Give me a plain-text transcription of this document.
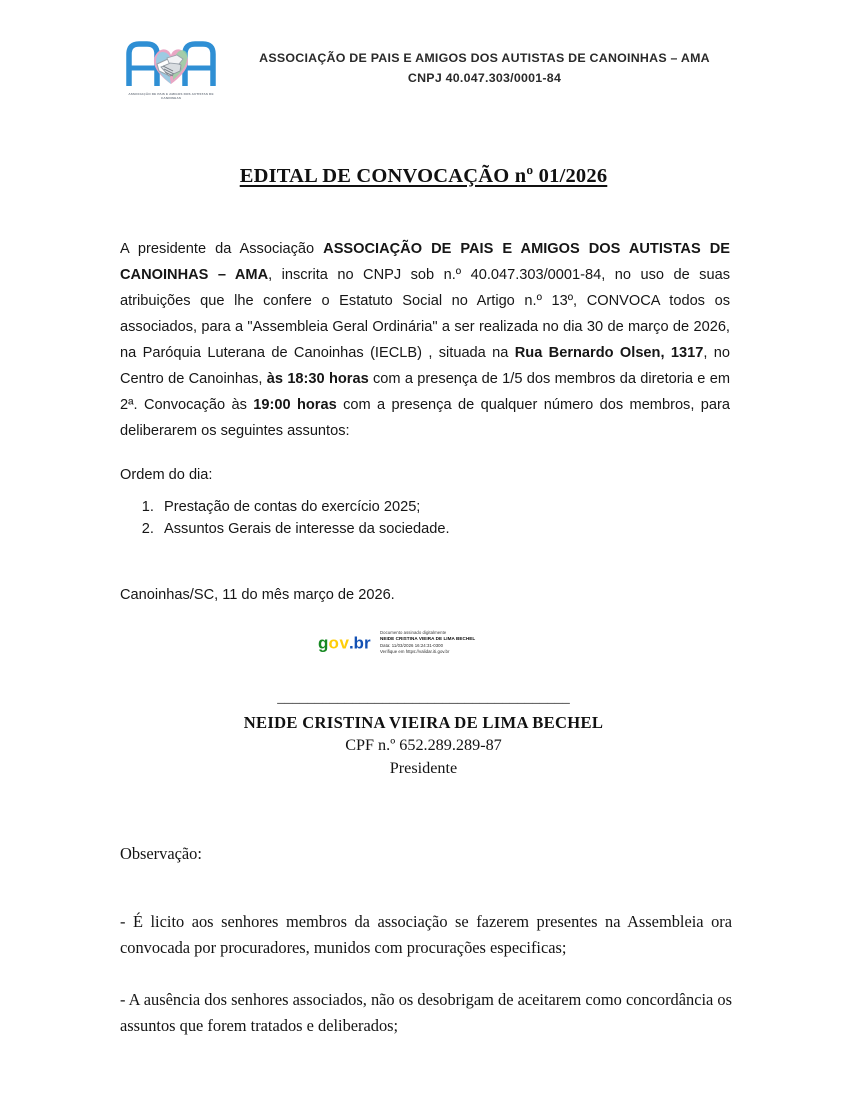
ASSOCIAÇÃO DE PAIS E AMIGOS DOS AUTISTAS DE CANOINHAS
ASSOCIAÇÃO DE PAIS E AMIGOS DOS AUTISTAS DE CANOINHAS – AMA
CNPJ 40.047.303/0001-84
EDITAL DE CONVOCAÇÃO nº 01/2026

A presidente da Associação ASSOCIAÇÃO DE PAIS E AMIGOS DOS AUTISTAS DE CANOINHAS – AMA, inscrita no CNPJ sob n.º 40.047.303/0001-84, no uso de suas atribuições que lhe confere o Estatuto Social no Artigo n.º 13º, CONVOCA todos os associados, para a "Assembleia Geral Ordinária" a ser realizada no dia 30 de março de 2026, na Paróquia Luterana de Canoinhas (IECLB) , situada na Rua Bernardo Olsen, 1317, no Centro de Canoinhas, às 18:30 horas com a presença de 1/5 dos membros da diretoria e em 2ª. Convocação às 19:00 horas com a presença de qualquer número dos membros, para deliberarem os seguintes assuntos:

Ordem do dia:

1. Prestação de contas do exercício 2025;
2. Assuntos Gerais de interesse da sociedade.

Canoinhas/SC, 11 do mês março de 2026.

g o v . b r
Documento assinado digitalmente
NEIDE CRISTINA VIEIRA DE LIMA BECHEL
Data: 11/03/2026 16:24:31-0300
Verifique em https://validar.iti.gov.br
_______________________________________
NEIDE CRISTINA VIEIRA DE LIMA BECHEL
CPF n.º 652.289.289-87
Presidente

Observação:

- É licito aos senhores membros da associação se fazerem presentes na Assembleia ora convocada por procuradores, munidos com procurações especificas;

- A ausência dos senhores associados, não os desobrigam de aceitarem como concordância os assuntos que forem tratados e deliberados;
